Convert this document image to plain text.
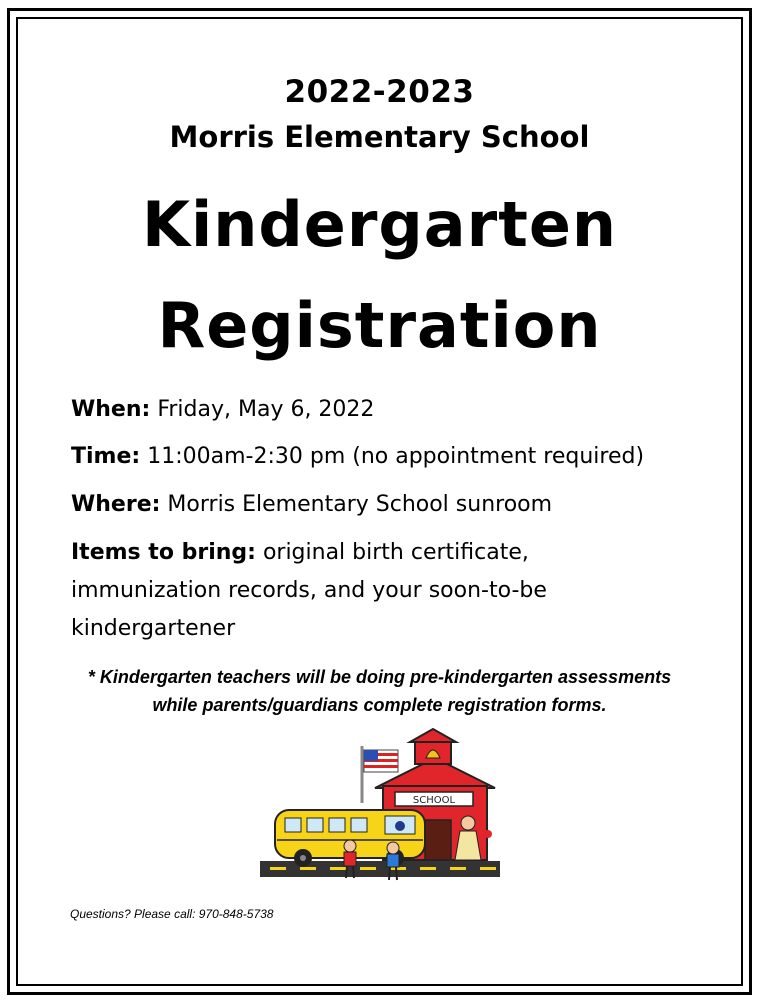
2022-2023
Morris Elementary School
Kindergarten
Registration
When: Friday, May 6, 2022
Time: 11:00am-2:30 pm (no appointment required)
Where: Morris Elementary School sunroom
Items to bring: original birth certificate, immunization records, and your soon-to-be kindergartener
* Kindergarten teachers will be doing pre-kindergarten assessments
while parents/guardians complete registration forms.
SCHOOL
Questions? Please call: 970-848-5738
